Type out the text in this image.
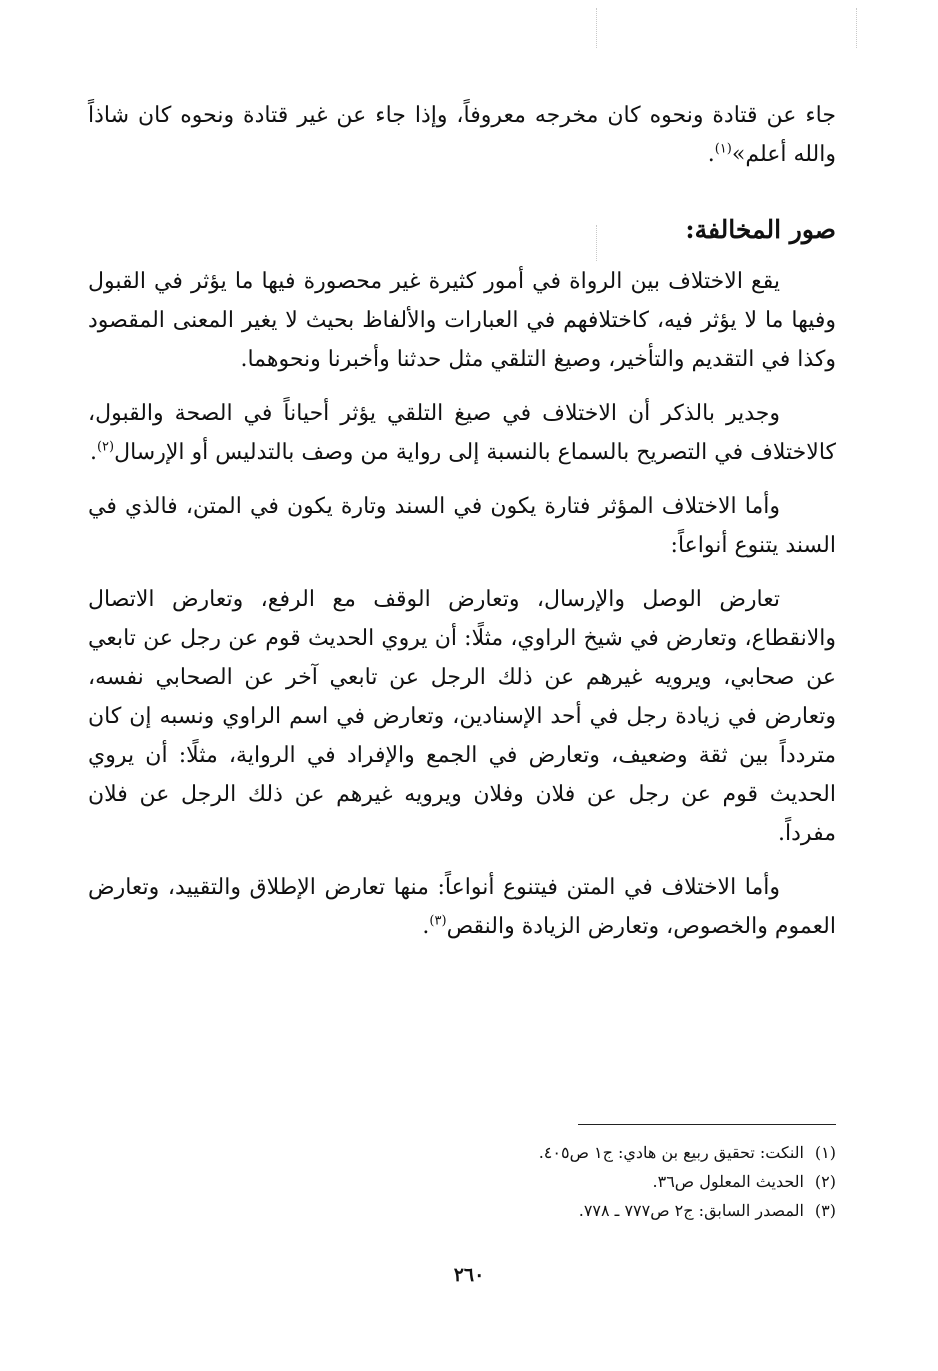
جاء عن قتادة ونحوه كان مخرجه معروفاً، وإذا جاء عن غير قتادة ونحوه كان شاذاً والله أعلم»$^{(١)}$.

صور المخالفة:

يقع الاختلاف بين الرواة في أمور كثيرة غير محصورة فيها ما يؤثر في القبول وفيها ما لا يؤثر فيه، كاختلافهم في العبارات والألفاظ بحيث لا يغير المعنى المقصود وكذا في التقديم والتأخير، وصيغ التلقي مثل حدثنا وأخبرنا ونحوهما.

وجدير بالذكر أن الاختلاف في صيغ التلقي يؤثر أحياناً في الصحة والقبول، كالاختلاف في التصريح بالسماع بالنسبة إلى رواية من وصف بالتدليس أو الإرسال$^{(٢)}$.

وأما الاختلاف المؤثر فتارة يكون في السند وتارة يكون في المتن، فالذي في السند يتنوع أنواعاً:

تعارض الوصل والإرسال، وتعارض الوقف مع الرفع، وتعارض الاتصال والانقطاع، وتعارض في شيخ الراوي، مثلًا: أن يروي الحديث قوم عن رجل عن تابعي عن صحابي، ويرويه غيرهم عن ذلك الرجل عن تابعي آخر عن الصحابي نفسه، وتعارض في زيادة رجل في أحد الإسنادين، وتعارض في اسم الراوي ونسبه إن كان متردداً بين ثقة وضعيف، وتعارض في الجمع والإفراد في الرواية، مثلًا: أن يروي الحديث قوم عن رجل عن فلان وفلان ويرويه غيرهم عن ذلك الرجل عن فلان مفرداً.

وأما الاختلاف في المتن فيتنوع أنواعاً: منها تعارض الإطلاق والتقييد، وتعارض العموم والخصوص، وتعارض الزيادة والنقص$^{(٣)}$.

(١)النكت: تحقيق ربيع بن هادي: ج١ ص٤٠٥.
(٢)الحديث المعلول ص٣٦.
(٣)المصدر السابق: ج٢ ص٧٧٧ ـ ٧٧٨.
٢٦٠
